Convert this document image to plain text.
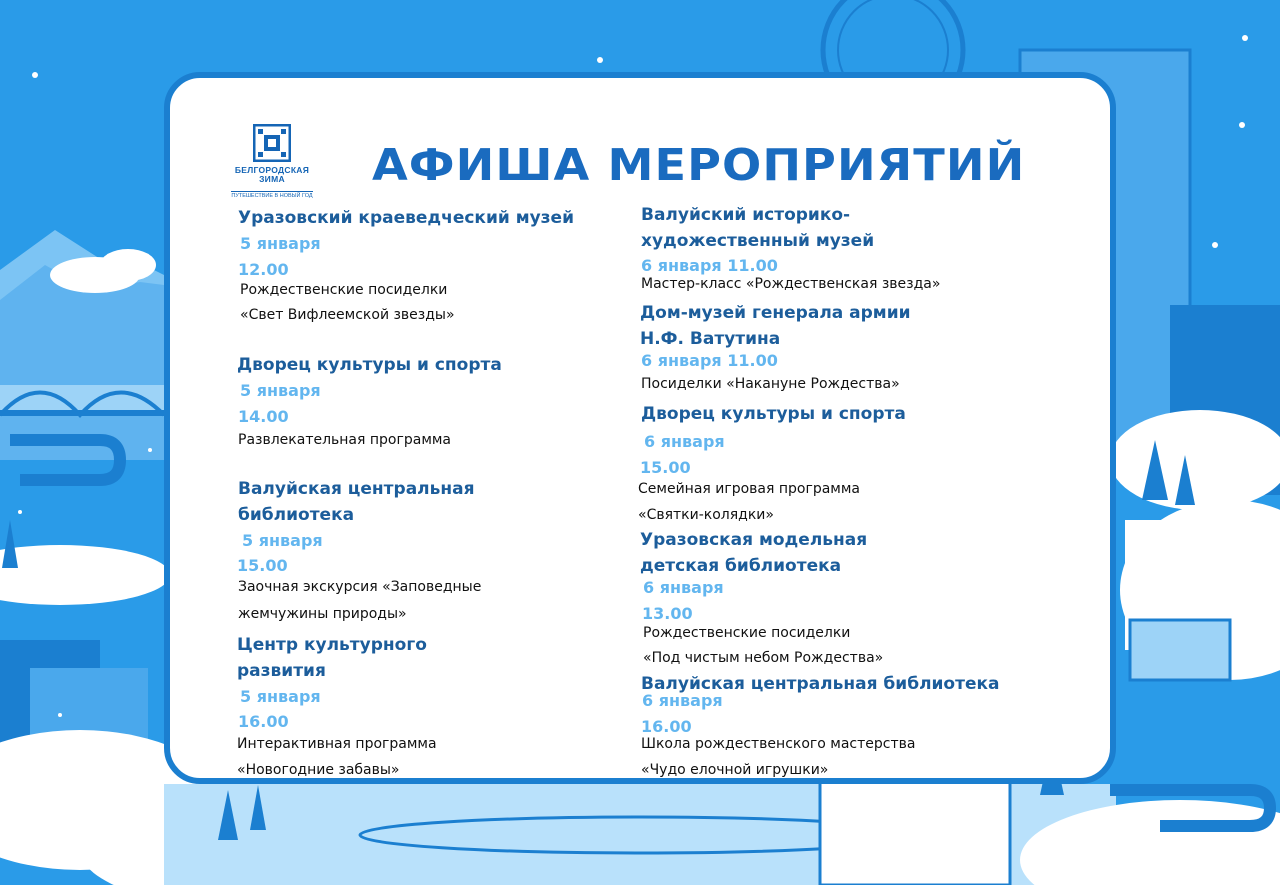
БЕЛГОРОДСКАЯ
ЗИМА
ПУТЕШЕСТВИЕ В НОВЫЙ ГОД
АФИША МЕРОПРИЯТИЙ
Уразовский краеведческий музей
5 января
12.00
Рождественские посиделки
«Свет Вифлеемской звезды»
Дворец культуры и спорта
5 января
14.00
Развлекательная программа
Валуйская центральная
библиотека
5 января
15.00
Заочная экскурсия «Заповедные
жемчужины природы»
Центр культурного
развития
5 января
16.00
Интерактивная программа
«Новогодние забавы»
Валуйский историко-
художественный музей
6 января 11.00
Мастер-класс «Рождественская звезда»
Дом-музей генерала армии
Н.Ф. Ватутина
6 января 11.00
Посиделки «Накануне Рождества»
Дворец культуры и спорта
6 января
15.00
Семейная игровая программа
«Святки-колядки»
Уразовская модельная
детская библиотека
6 января
13.00
Рождественские посиделки
«Под чистым небом Рождества»
Валуйская центральная библиотека
6 января
16.00
Школа рождественского мастерства
«Чудо елочной игрушки»
